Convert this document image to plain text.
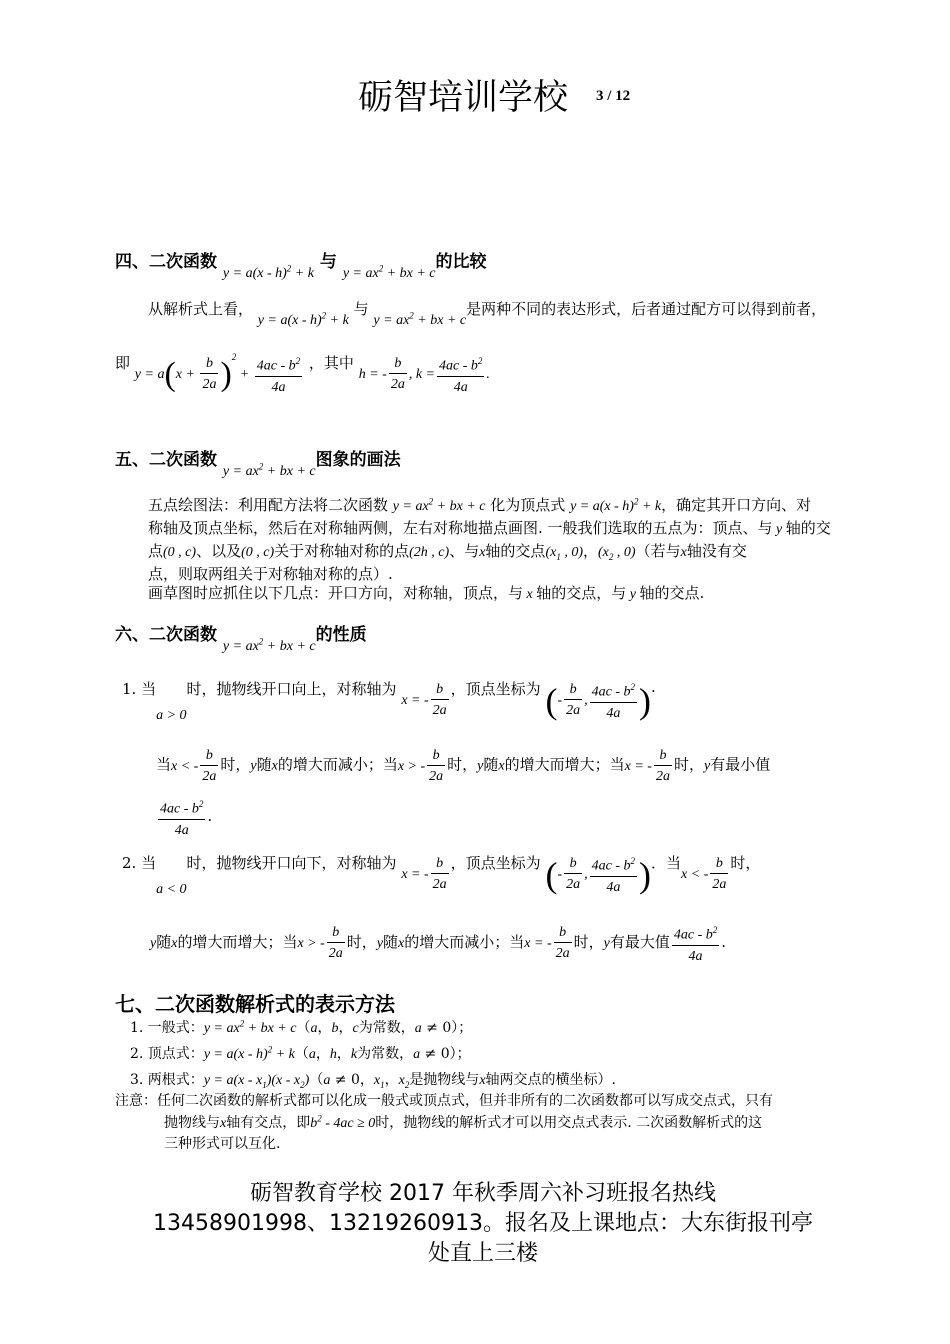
砺智培训学校 3 / 12
四、二次函数 $_{y = a(x - h)^2 + k}$ 与 $_{y = ax^2 + bx + c}$的比较
从解析式上看， y = a(x - h)$^2$ + k 与 $y = ax^2$ + bx + c是两种不同的表达形式，后者通过配方可以得到前者，
即 $y = a(x + \frac{b}{2a} )^2 + \frac{4ac - b^2}{4a}$ ，其中 h = - $\frac{b}{2a}$ , $k = \frac{4ac - b^2}{4a}$ .
五、二次函数 $_{y = ax^2 + bx + c}$图象的画法
五点绘图法：利用配方法将二次函数 $y = ax^2$ + bx + c 化为顶点式 y = a(x - h)$^2$ + k，确定其开口方向、对
称轴及顶点坐标，然后在对称轴两侧，左右对称地描点画图. 一般我们选取的五点为：顶点、与 y 轴的交
点(0 , c)、以及(0 , c)关于对称轴对称的点(2h , c)、与x轴的交点($x_1$ , 0)，($x_2$ , 0)（若与x轴没有交
点，则取两组关于对称轴对称的点）.
画草图时应抓住以下几点：开口方向，对称轴，顶点，与 x 轴的交点，与 y 轴的交点.
六、二次函数 $_{y = ax^2 + bx + c}$的性质
1. 当a > 0时，抛物线开口向上，对称轴为 x = - $\frac{b}{2a}$ ，顶点坐标为 (- $\frac{b}{2a}$ , $\frac{4ac - b^2}{4a}$ ).
当x < - $\frac{b}{2a}$ 时，y随x的增大而减小；当x > - $\frac{b}{2a}$ 时，y随x的增大而增大；当x = - $\frac{b}{2a}$ 时，y有最小值
$\frac{4ac - b^2}{4a}$ .
2. 当a < 0时，抛物线开口向下，对称轴为 x = - $\frac{b}{2a}$ ，顶点坐标为 (- $\frac{b}{2a}$ , $\frac{4ac - b^2}{4a}$ )．当x < - $\frac{b}{2a}$ 时，
y随x的增大而增大；当x > - $\frac{b}{2a}$ 时，y随x的增大而减小；当x = - $\frac{b}{2a}$ 时，y有最大值 $\frac{4ac - b^2}{4a}$ .
七、二次函数解析式的表示方法
1. 一般式：$y = ax^2$ + bx + c（a，b，c为常数，a ≠ 0）；
2. 顶点式：y = a(x - h)$^2$ + k（a，h，k为常数，a ≠ 0）；
3. 两根式：$y = a(x - x_1)(x - x_2)(a \ne 0$，$x_1$，$x_2$是抛物线与x轴两交点的横坐标）.
注意：任何二次函数的解析式都可以化成一般式或顶点式，但并非所有的二次函数都可以写成交点式，只有
抛物线与x轴有交点，即$b^2 - 4ac \ge 0$时，抛物线的解析式才可以用交点式表示. 二次函数解析式的这
三种形式可以互化.
砺智教育学校 2017 年秋季周六补习班报名热线
13458901998、13219260913。报名及上课地点：大东街报刊亭
处直上三楼
